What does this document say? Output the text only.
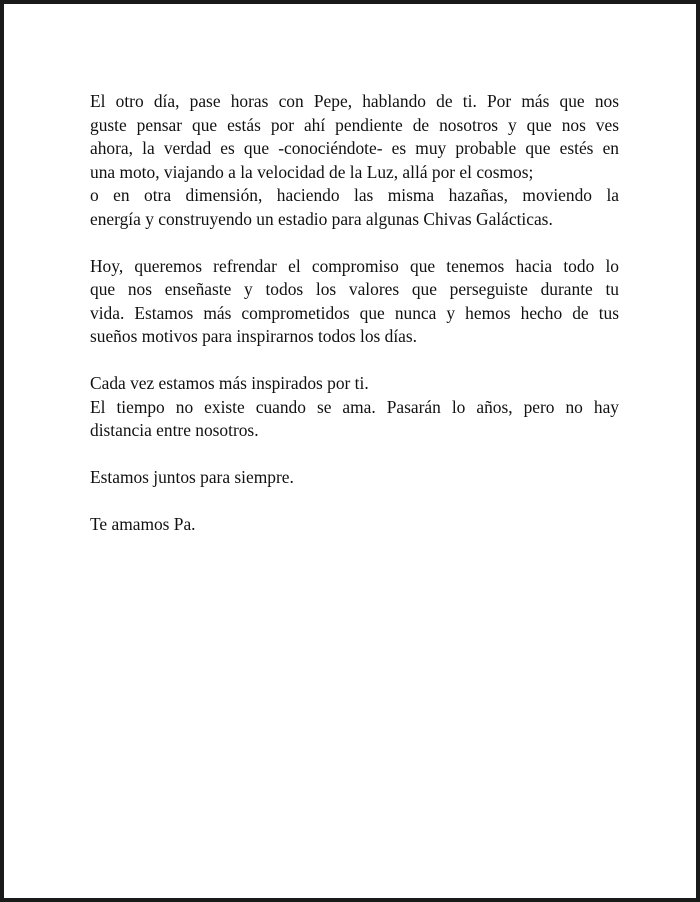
El otro día, pase horas con Pepe, hablando de ti. Por más que nos
guste pensar que estás por ahí pendiente de nosotros y que nos ves
ahora, la verdad es que -conociéndote- es muy probable que estés en
una moto, viajando a la velocidad de la Luz, allá por el cosmos;
o en otra dimensión, haciendo las misma hazañas, moviendo la
energía y construyendo un estadio para algunas Chivas Galácticas.

Hoy, queremos refrendar el compromiso que tenemos hacia todo lo
que nos enseñaste y todos los valores que perseguiste durante tu
vida. Estamos más comprometidos que nunca y hemos hecho de tus
sueños motivos para inspirarnos todos los días.

Cada vez estamos más inspirados por ti.
El tiempo no existe cuando se ama. Pasarán lo años, pero no hay
distancia entre nosotros.

Estamos juntos para siempre.

Te amamos Pa.
